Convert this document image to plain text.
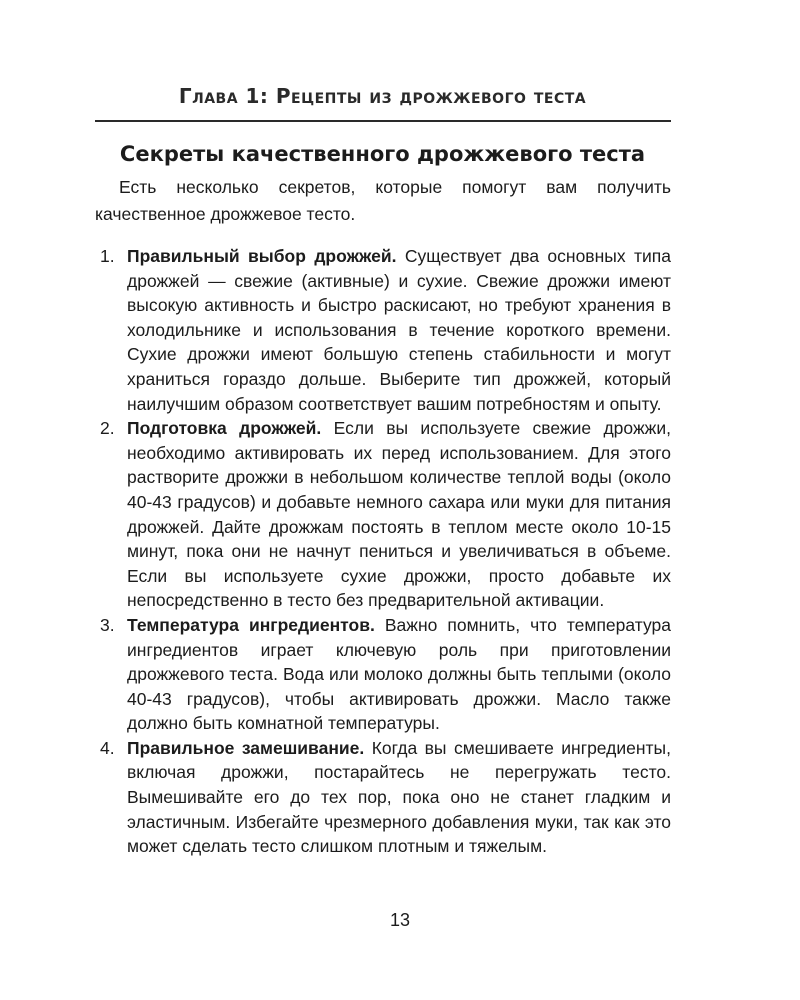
Глава 1: Рецепты из дрожжевого теста
Секреты качественного дрожжевого теста

Есть несколько секретов, которые помогут вам получить качественное дрожжевое тесто.

1. Правильный выбор дрожжей. Существует два основных типа дрожжей — свежие (активные) и сухие. Свежие дрожжи имеют высокую активность и быстро раскисают, но требуют хранения в холодильнике и использования в течение короткого времени. Сухие дрожжи имеют большую степень стабильности и могут храниться гораздо дольше. Выберите тип дрожжей, который наилучшим образом соответствует вашим потребностям и опыту.
2. Подготовка дрожжей. Если вы используете свежие дрожжи, необходимо активировать их перед использованием. Для этого растворите дрожжи в небольшом количестве теплой воды (около 40-43 градусов) и добавьте немного сахара или муки для питания дрожжей. Дайте дрожжам постоять в теплом месте около 10-15 минут, пока они не начнут пениться и увеличиваться в объеме. Если вы используете сухие дрожжи, просто добавьте их непосредственно в тесто без предварительной активации.
3. Температура ингредиентов. Важно помнить, что температура ингредиентов играет ключевую роль при приготовлении дрожжевого теста. Вода или молоко должны быть теплыми (около 40-43 градусов), чтобы активировать дрожжи. Масло также должно быть комнатной температуры.
4. Правильное замешивание. Когда вы смешиваете ингредиенты, включая дрожжи, постарайтесь не перегружать тесто. Вымешивайте его до тех пор, пока оно не станет гладким и эластичным. Избегайте чрезмерного добавления муки, так как это может сделать тесто слишком плотным и тяжелым.
13
